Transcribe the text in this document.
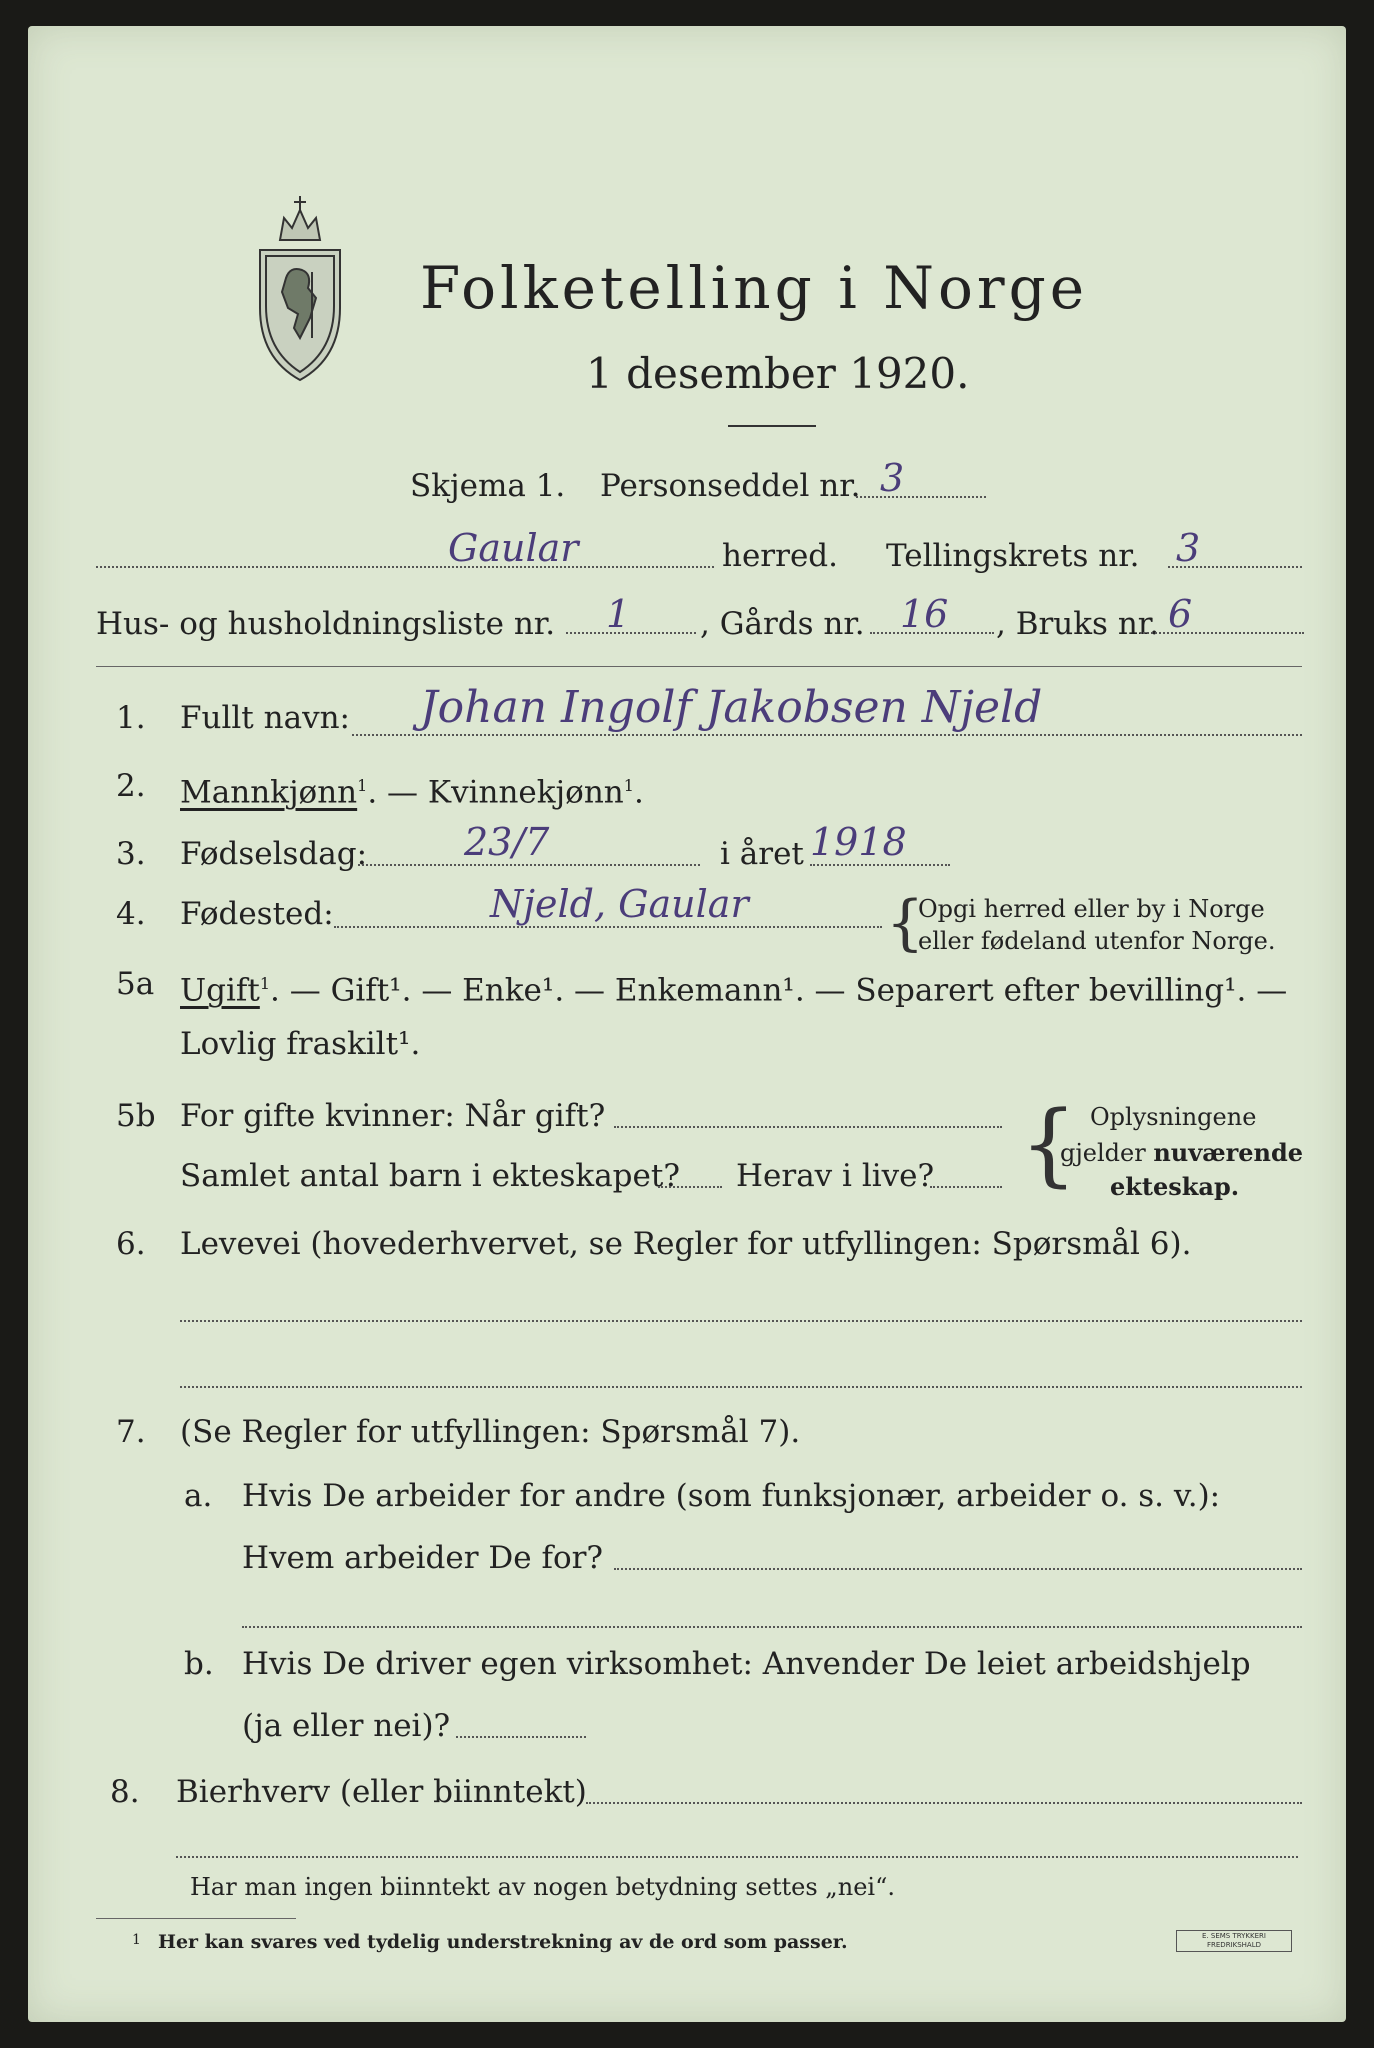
Folketelling i Norge
1 desember 1920.
Skjema 1. Personseddel nr. 3
Gaular	herred. Tellingskrets nr. 3
Hus- og husholdningsliste nr. 1 , Gårds nr. 16 , Bruks nr. 6
1. Fullt navn: Johan Ingolf Jakobsen Njeld
2. Mannkjønn$^1$. — Kvinnekjønn$^1$.
3. Fødselsdag:	23/7	i året 1918
4. Fødested:	Njeld, Gaular {
Opgi herred eller by i Norge
eller fødeland utenfor Norge.
5a Ugift$^1$. — Gift¹. — Enke¹. — Enkemann¹. — Separert efter bevilling¹. —
Lovlig fraskilt¹.
5b For gifte kvinner: Når gift?
Samlet antal barn i ekteskapet? Herav i live? { Oplysningene
gjelder nuværende
ekteskap.
6. Levevei (hovederhvervet, se Regler for utfyllingen: Spørsmål 6).
7. (Se Regler for utfyllingen: Spørsmål 7).
a. Hvis De arbeider for andre (som funksjonær, arbeider o. s. v.):
Hvem arbeider De for?
b. Hvis De driver egen virksomhet: Anvender De leiet arbeidshjelp
(ja eller nei)?
8. Bierhverv (eller biinntekt)
Har man ingen biinntekt av nogen betydning settes „nei“.
1 Her kan svares ved tydelig understrekning av de ord som passer.	E. SEMS TRYKKERI FREDRIKSHALD
